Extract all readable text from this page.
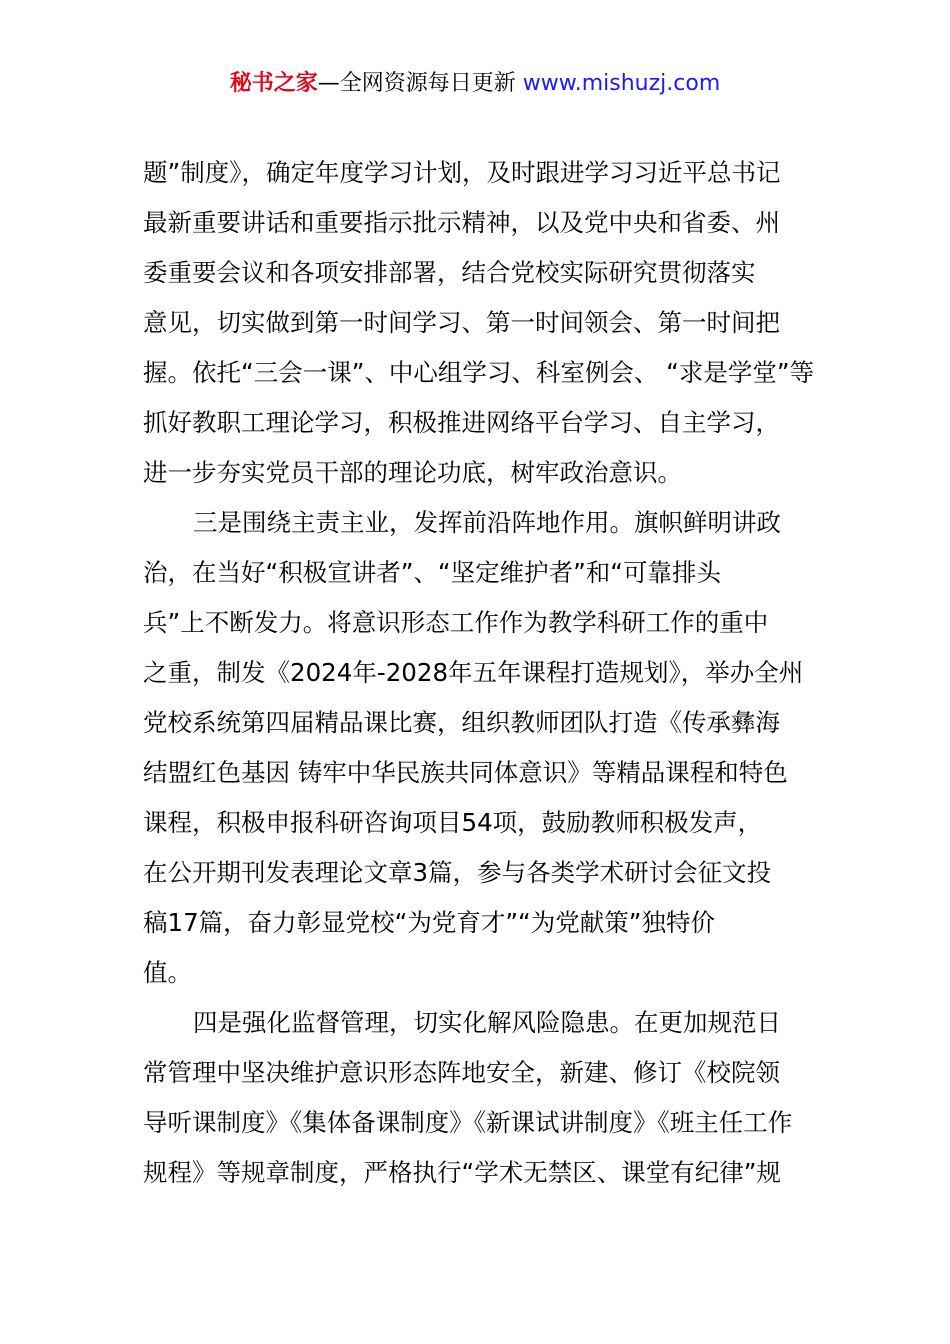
秘书之家—全网资源每日更新 www.mishuzj.com
题”制度》，确定年度学习计划，及时跟进学习习近平总书记
最新重要讲话和重要指示批示精神，以及党中央和省委、州
委重要会议和各项安排部署，结合党校实际研究贯彻落实
意见，切实做到第一时间学习、第一时间领会、第一时间把
握。依托“三会一课”、中心组学习、科室例会、 “求是学堂”等
抓好教职工理论学习，积极推进网络平台学习、自主学习，
进一步夯实党员干部的理论功底，树牢政治意识。
三是围绕主责主业，发挥前沿阵地作用。旗帜鲜明讲政
治，在当好“积极宣讲者”、“坚定维护者”和“可靠排头
兵”上不断发力。将意识形态工作作为教学科研工作的重中
之重，制发《2024年-2028年五年课程打造规划》，举办全州
党校系统第四届精品课比赛，组织教师团队打造《传承彝海
结盟红色基因 铸牢中华民族共同体意识》等精品课程和特色
课程，积极申报科研咨询项目54项，鼓励教师积极发声，
在公开期刊发表理论文章3篇，参与各类学术研讨会征文投
稿17篇，奋力彰显党校“为党育才”“为党献策”独特价
值。
四是强化监督管理，切实化解风险隐患。在更加规范日
常管理中坚决维护意识形态阵地安全，新建、修订《校院领
导听课制度》《集体备课制度》《新课试讲制度》《班主任工作
规程》等规章制度，严格执行“学术无禁区、课堂有纪律”规
